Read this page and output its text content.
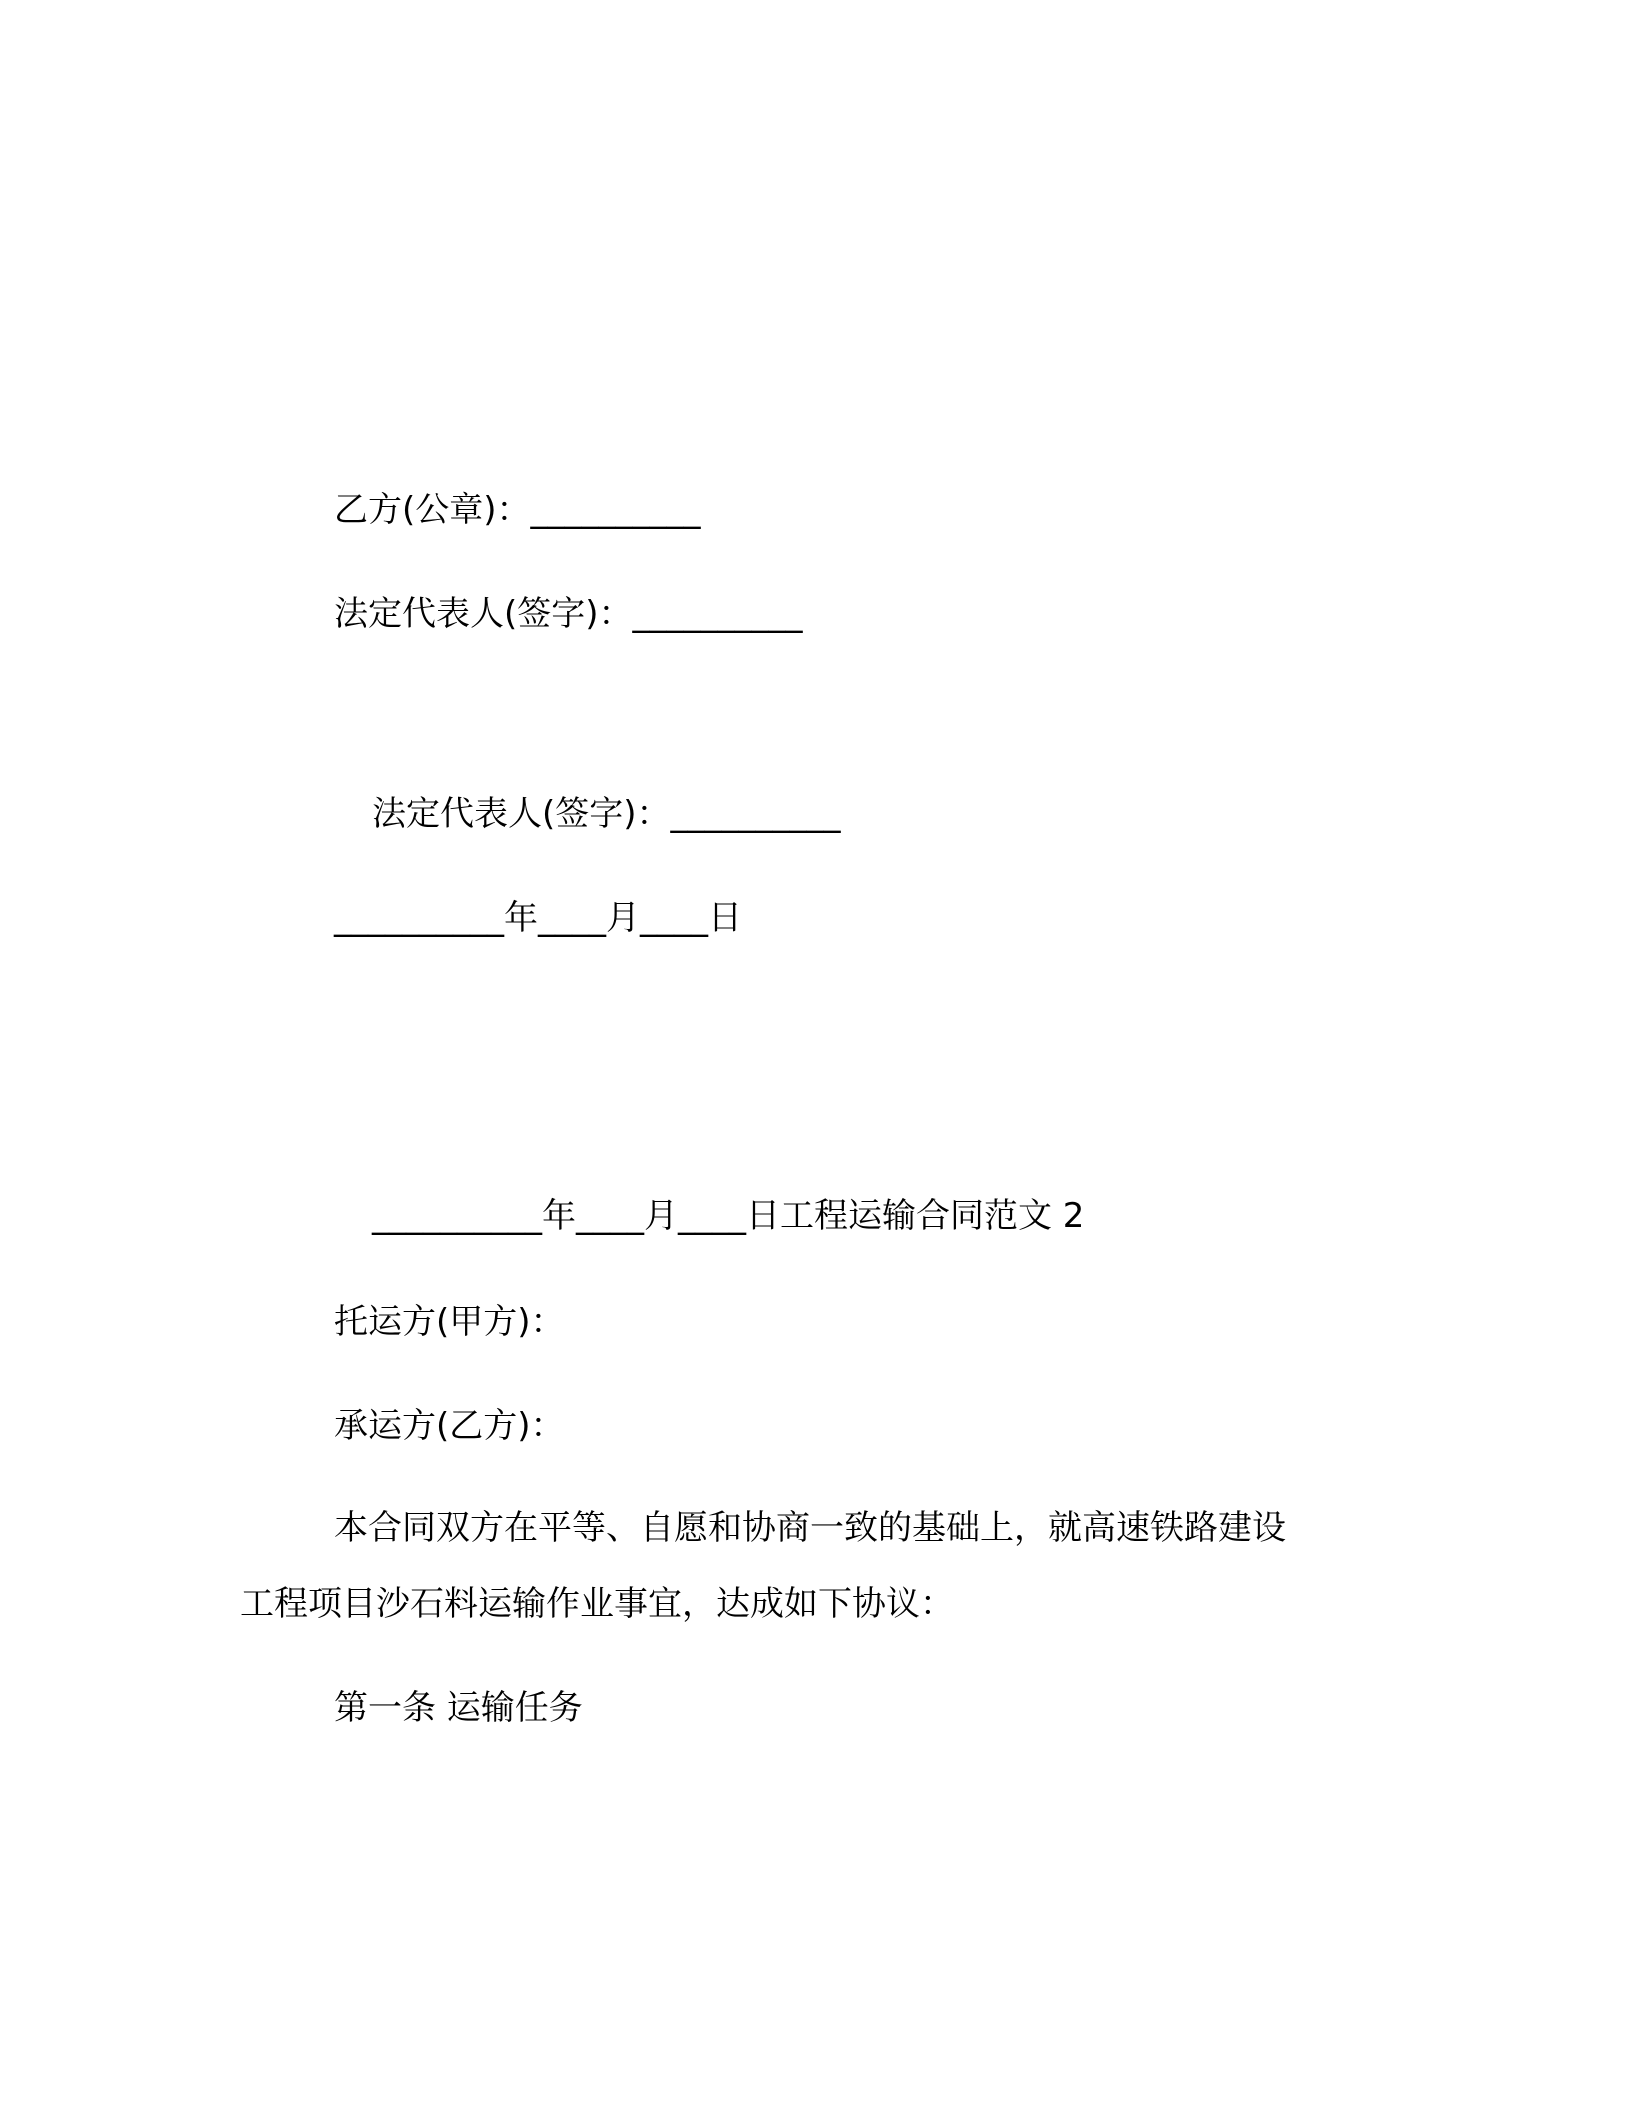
乙方(公章)：__________
法定代表人(签字)：__________
法定代表人(签字)：__________
__________年____月____日
__________年____月____日工程运输合同范文 2
托运方(甲方)：
承运方(乙方)：
本合同双方在平等、自愿和协商一致的基础上，就高速铁路建设
工程项目沙石料运输作业事宜，达成如下协议：
第一条 运输任务
